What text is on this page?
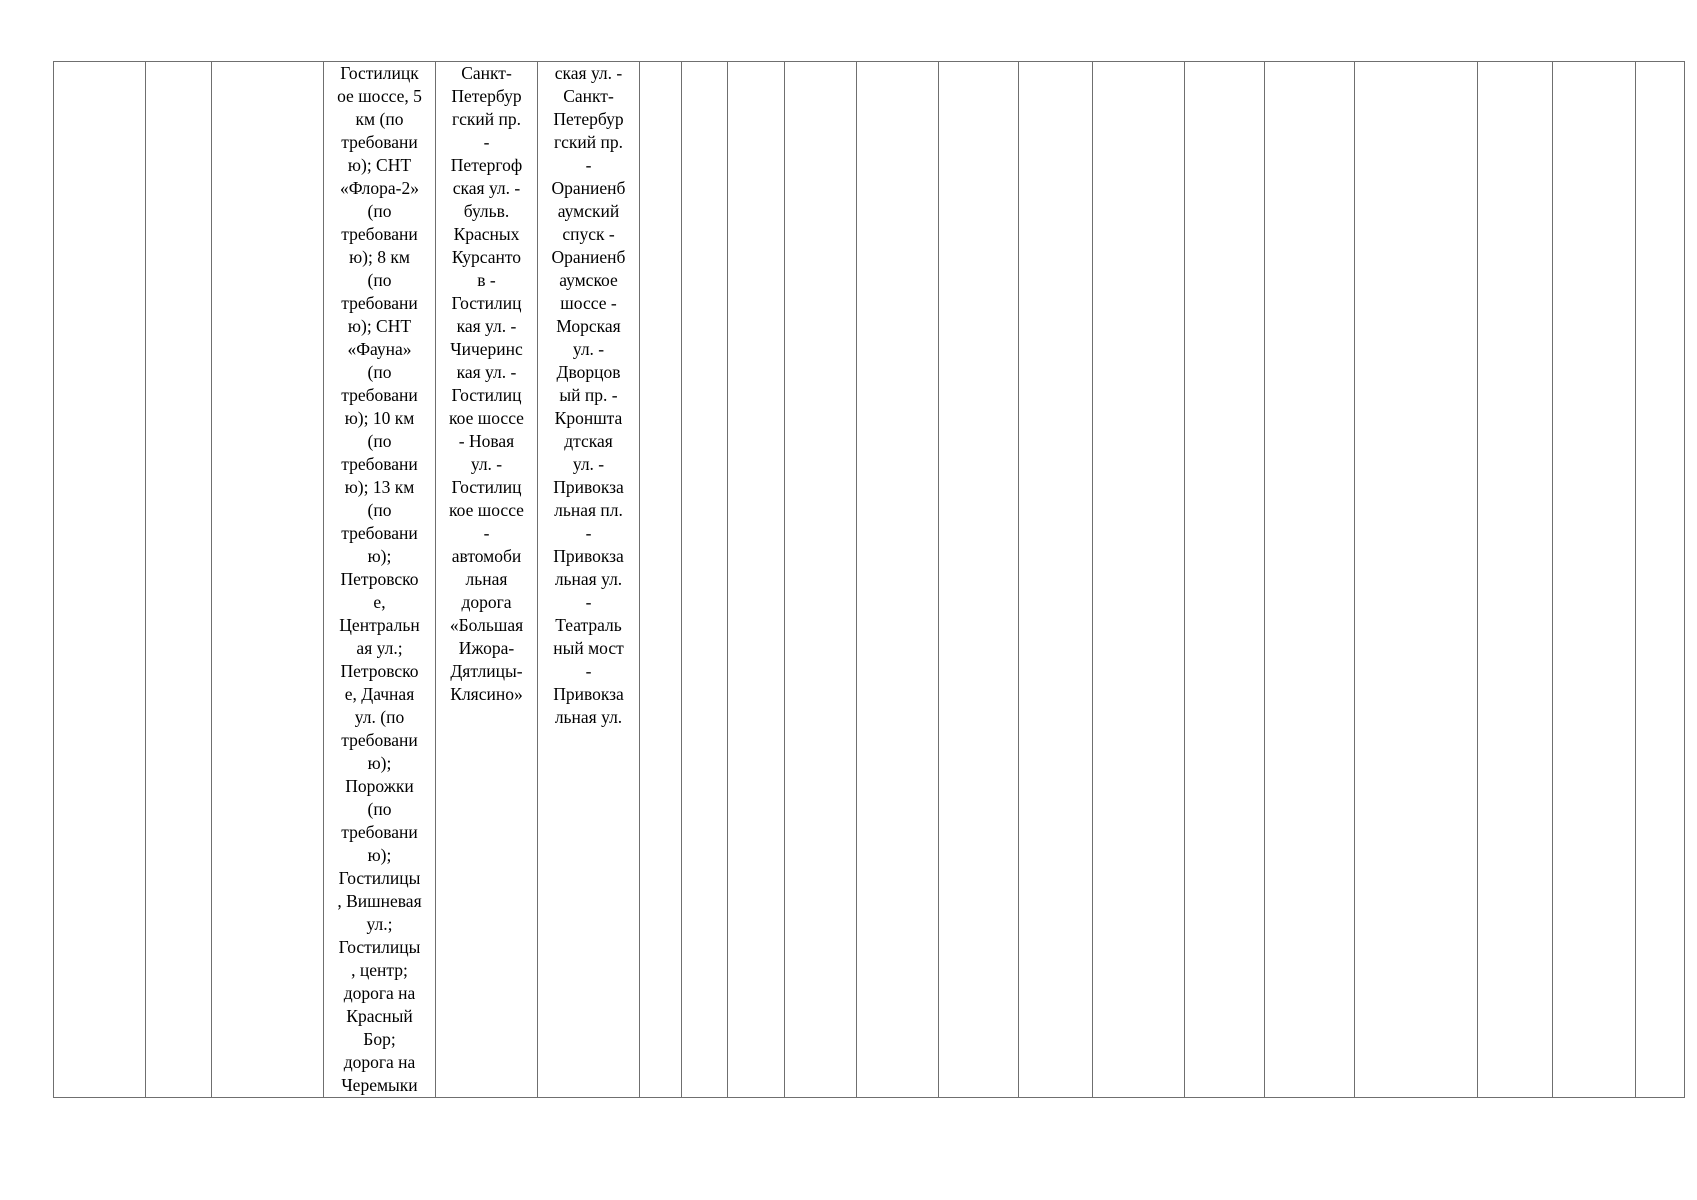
			Гостилицк
ое шоссе, 5
км (по
требовани
ю); СНТ
«Флора-2»
(по
требовани
ю); 8 км
(по
требовани
ю); СНТ
«Фауна»
(по
требовани
ю); 10 км
(по
требовани
ю); 13 км
(по
требовани
ю);
Петровско
е,
Центральн
ая ул.;
Петровско
е, Дачная
ул. (по
требовани
ю);
Порожки
(по
требовани
ю);
Гостилицы
, Вишневая
ул.;
Гостилицы
, центр;
дорога на
Красный
Бор;
дорога на
Черемыки	Санкт-
Петербур
гский пр.
-
Петергоф
ская ул. -
бульв.
Красных
Курсанто
в -
Гостилиц
кая ул. -
Чичеринс
кая ул. -
Гостилиц
кое шоссе
- Новая
ул. -
Гостилиц
кое шоссе
-
автомоби
льная
дорога
«Большая
Ижора-
Дятлицы-
Клясино»	ская ул. -
Санкт-
Петербур
гский пр.
-
Ораниенб
аумский
спуск -
Ораниенб
аумское
шоссе -
Морская
ул. -
Дворцов
ый пр. -
Кроншта
дтская
ул. -
Привокза
льная пл.
-
Привокза
льная ул.
-
Театраль
ный мост
-
Привокза
льная ул.														
